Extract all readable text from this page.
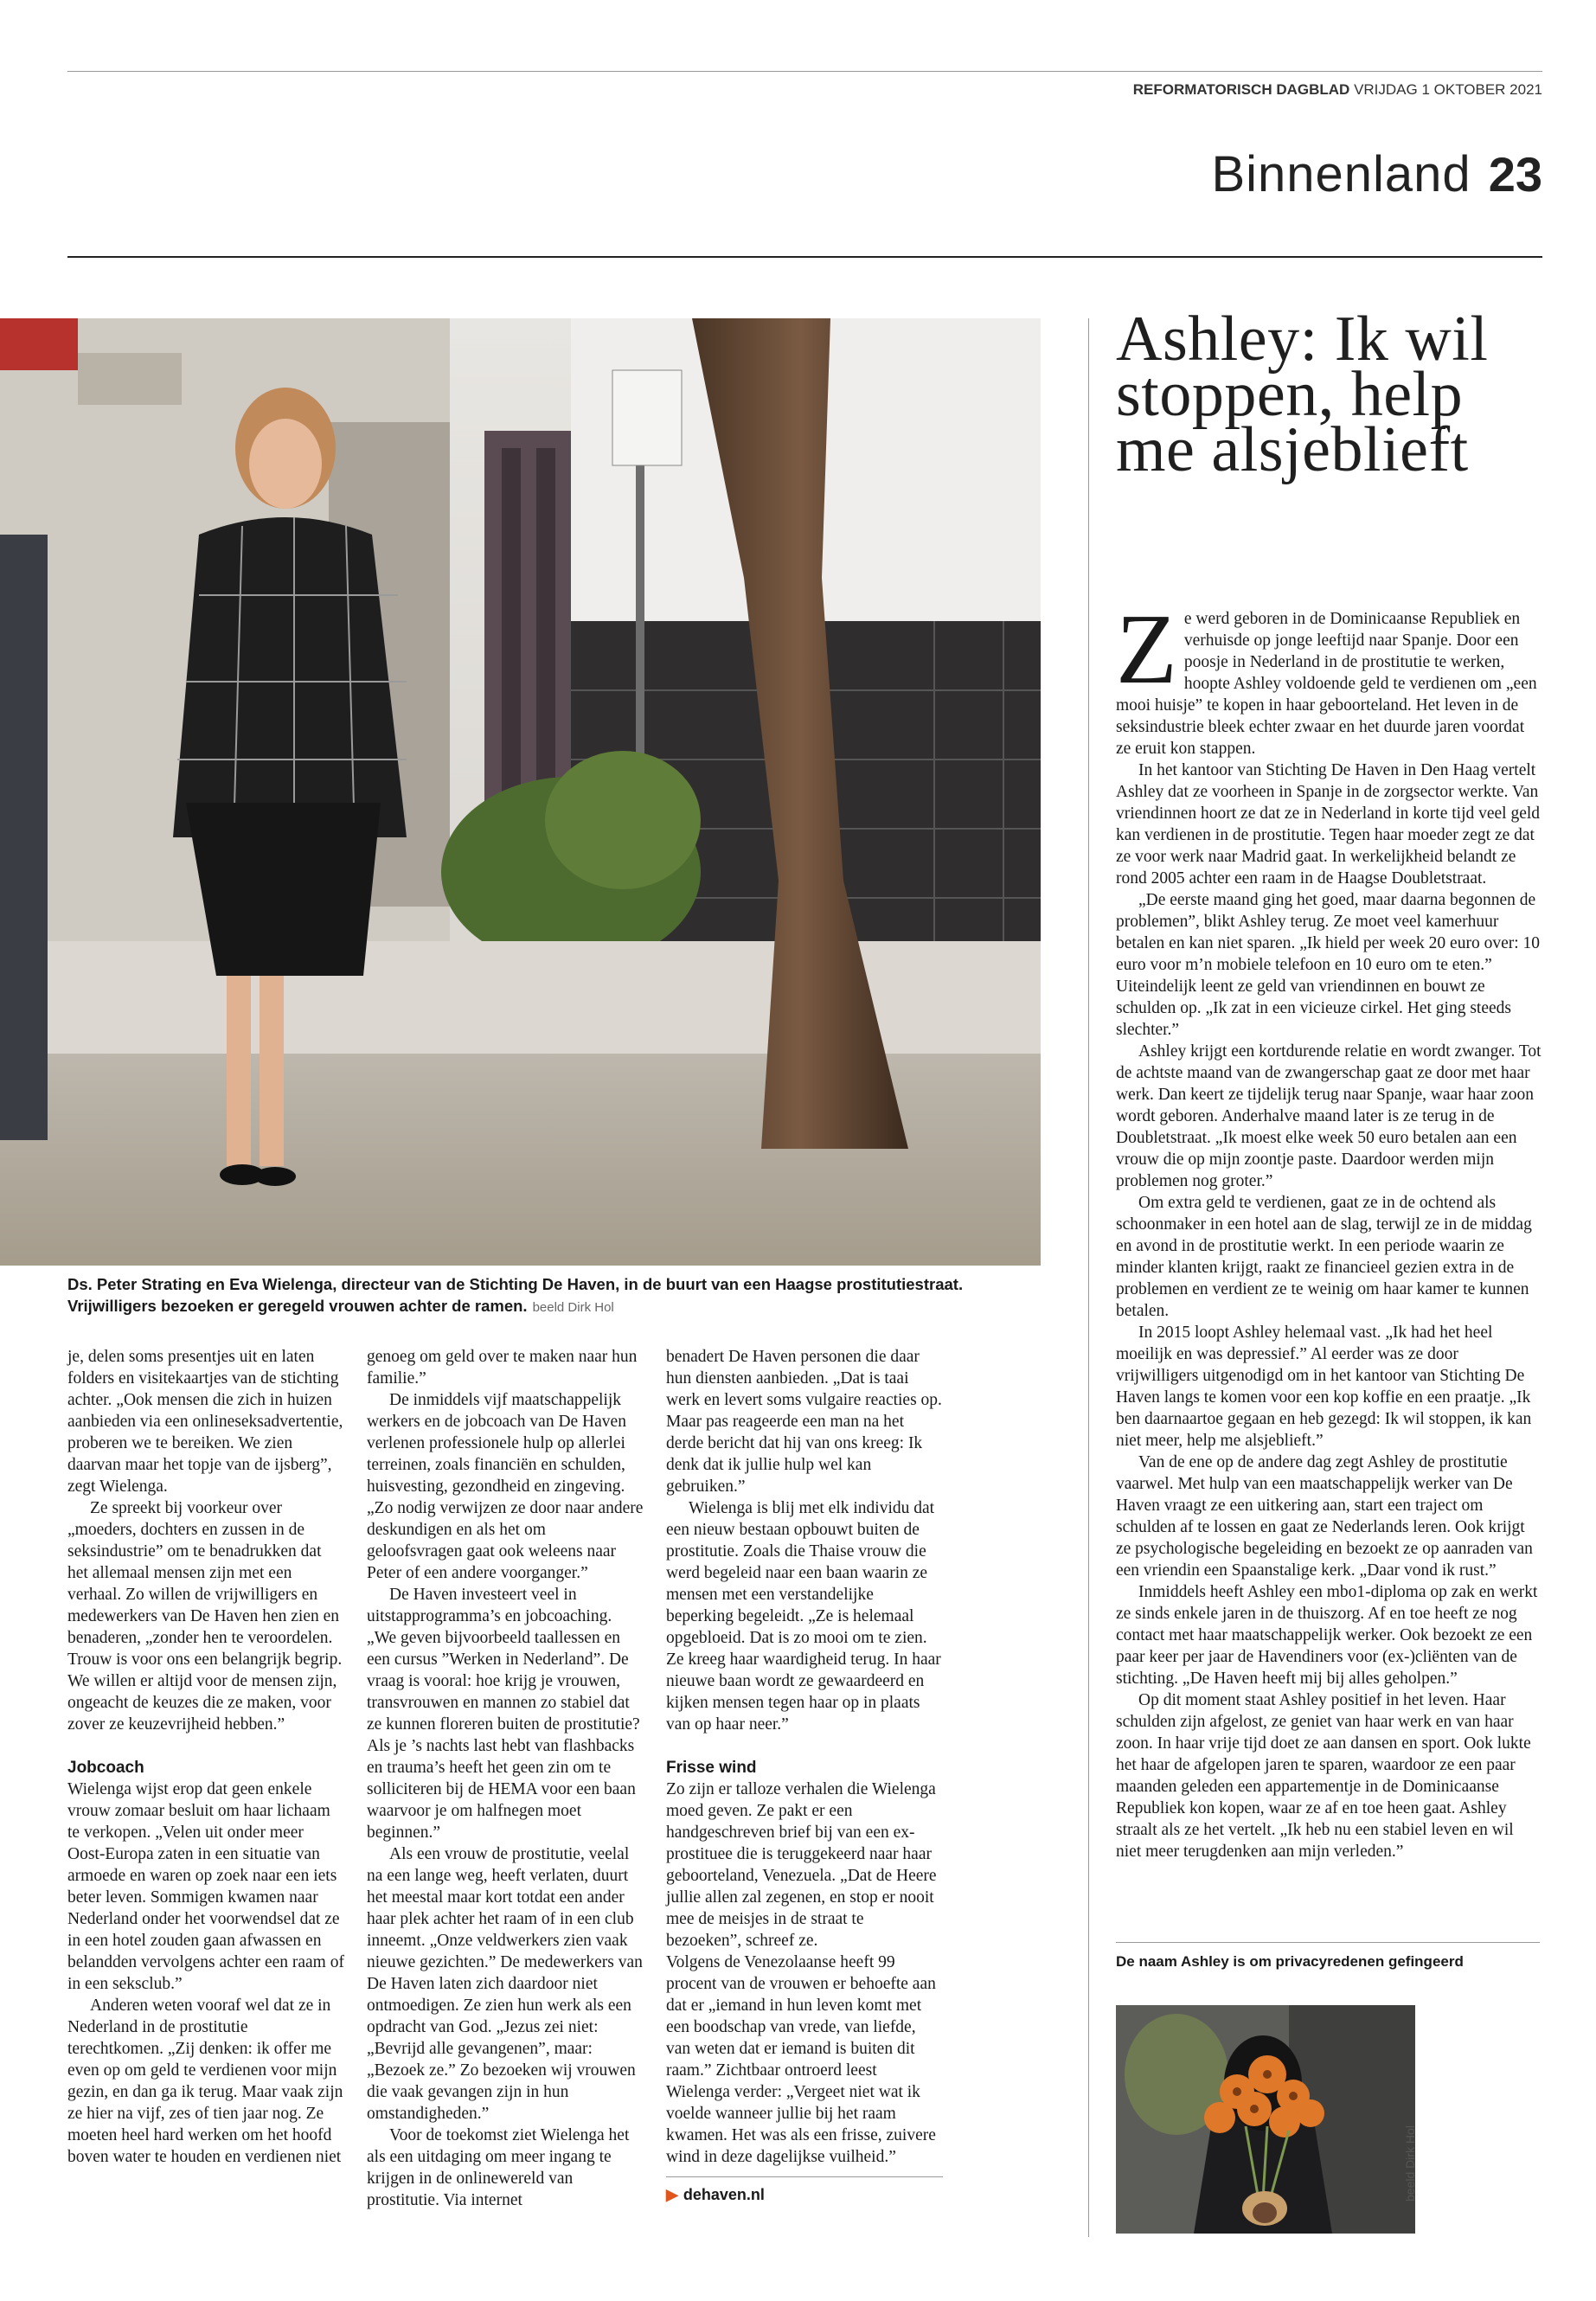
REFORMATORISCH DAGBLAD VRIJDAG 1 OKTOBER 2021
Binnenland 23
Ds. Peter Strating en Eva Wielenga, directeur van de Stichting De Haven, in de buurt van een Haagse prostitutiestraat. Vrijwilligers bezoeken er geregeld vrouwen achter de ramen. beeld Dirk Hol

je, delen soms presentjes uit en laten folders en visitekaartjes van de stichting achter. „Ook mensen die zich in huizen aanbieden via een onlineseksadvertentie, proberen we te bereiken. We zien daarvan maar het topje van de ijsberg”, zegt Wielenga.

Ze spreekt bij voorkeur over „moeders, dochters en zussen in de seksindustrie” om te benadrukken dat het allemaal mensen zijn met een verhaal. Zo willen de vrijwilligers en medewerkers van De Haven hen zien en benaderen, „zonder hen te veroordelen. Trouw is voor ons een belangrijk begrip. We willen er altijd voor de mensen zijn, ongeacht de keuzes die ze maken, voor zover ze keuzevrijheid hebben.”

Jobcoach

Wielenga wijst erop dat geen enkele vrouw zomaar besluit om haar lichaam te verkopen. „Velen uit onder meer Oost-Europa zaten in een situatie van armoede en waren op zoek naar een iets beter leven. Sommigen kwamen naar Nederland onder het voorwendsel dat ze in een hotel zouden gaan afwassen en belandden vervolgens achter een raam of in een seksclub.”

Anderen weten vooraf wel dat ze in Nederland in de prostitutie terechtkomen. „Zij denken: ik offer me even op om geld te verdienen voor mijn gezin, en dan ga ik terug. Maar vaak zijn ze hier na vijf, zes of tien jaar nog. Ze moeten heel hard werken om het hoofd boven water te houden en verdienen niet

genoeg om geld over te maken naar hun familie.”

De inmiddels vijf maatschappelijk werkers en de jobcoach van De Haven verlenen professionele hulp op allerlei terreinen, zoals financiën en schulden, huisvesting, gezondheid en zingeving. „Zo nodig verwijzen ze door naar andere deskundigen en als het om geloofsvragen gaat ook weleens naar Peter of een andere voorganger.”

De Haven investeert veel in uitstapprogramma’s en jobcoaching. „We geven bijvoorbeeld taallessen en een cursus ”Werken in Nederland”. De vraag is vooral: hoe krijg je vrouwen, transvrouwen en mannen zo stabiel dat ze kunnen floreren buiten de prostitutie? Als je ’s nachts last hebt van flashbacks en trauma’s heeft het geen zin om te solliciteren bij de HEMA voor een baan waarvoor je om halfnegen moet beginnen.”

Als een vrouw de prostitutie, veelal na een lange weg, heeft verlaten, duurt het meestal maar kort totdat een ander haar plek achter het raam of in een club inneemt. „Onze veldwerkers zien vaak nieuwe gezichten.” De medewerkers van De Haven laten zich daardoor niet ontmoedigen. Ze zien hun werk als een opdracht van God. „Jezus zei niet: „Bevrijd alle gevangenen”, maar: „Bezoek ze.” Zo bezoeken wij vrouwen die vaak gevangen zijn in hun omstandigheden.”

Voor de toekomst ziet Wielenga het als een uitdaging om meer ingang te krijgen in de onlinewereld van prostitutie. Via internet

benadert De Haven personen die daar hun diensten aanbieden. „Dat is taai werk en levert soms vulgaire reacties op. Maar pas reageerde een man na het derde bericht dat hij van ons kreeg: Ik denk dat ik jullie hulp wel kan gebruiken.”

Wielenga is blij met elk individu dat een nieuw bestaan opbouwt buiten de prostitutie. Zoals die Thaise vrouw die werd begeleid naar een baan waarin ze mensen met een verstandelijke beperking begeleidt. „Ze is helemaal opgebloeid. Dat is zo mooi om te zien. Ze kreeg haar waardigheid terug. In haar nieuwe baan wordt ze gewaardeerd en kijken mensen tegen haar op in plaats van op haar neer.”

Frisse wind

Zo zijn er talloze verhalen die Wielenga moed geven. Ze pakt er een handgeschreven brief bij van een ex-prostituee die is teruggekeerd naar haar geboorteland, Venezuela. „Dat de Heere jullie allen zal zegenen, en stop er nooit mee de meisjes in de straat te bezoeken”, schreef ze.

Volgens de Venezolaanse heeft 99 procent van de vrouwen er behoefte aan dat er „iemand in hun leven komt met een boodschap van vrede, van liefde, van weten dat er iemand is buiten dit raam.” Zichtbaar ontroerd leest Wielenga verder: „Vergeet niet wat ik voelde wanneer jullie bij het raam kwamen. Het was als een frisse, zuivere wind in deze dagelijkse vuilheid.”

▶ dehaven.nl
Ashley: Ik wil stoppen, help me alsjeblieft

Ze werd geboren in de Dominicaanse Republiek en verhuisde op jonge leeftijd naar Spanje. Door een poosje in Nederland in de prostitutie te werken, hoopte Ashley voldoende geld te verdienen om „een mooi huisje” te kopen in haar geboorteland. Het leven in de seksindustrie bleek echter zwaar en het duurde jaren voordat ze eruit kon stappen.

In het kantoor van Stichting De Haven in Den Haag vertelt Ashley dat ze voorheen in Spanje in de zorgsector werkte. Van vriendinnen hoort ze dat ze in Nederland in korte tijd veel geld kan verdienen in de prostitutie. Tegen haar moeder zegt ze dat ze voor werk naar Madrid gaat. In werkelijkheid belandt ze rond 2005 achter een raam in de Haagse Doubletstraat.

„De eerste maand ging het goed, maar daarna begonnen de problemen”, blikt Ashley terug. Ze moet veel kamerhuur betalen en kan niet sparen. „Ik hield per week 20 euro over: 10 euro voor m’n mobiele telefoon en 10 euro om te eten.” Uiteindelijk leent ze geld van vriendinnen en bouwt ze schulden op. „Ik zat in een vicieuze cirkel. Het ging steeds slechter.”

Ashley krijgt een kortdurende relatie en wordt zwanger. Tot de achtste maand van de zwangerschap gaat ze door met haar werk. Dan keert ze tijdelijk terug naar Spanje, waar haar zoon wordt geboren. Anderhalve maand later is ze terug in de Doubletstraat. „Ik moest elke week 50 euro betalen aan een vrouw die op mijn zoontje paste. Daardoor werden mijn problemen nog groter.”

Om extra geld te verdienen, gaat ze in de ochtend als schoonmaker in een hotel aan de slag, terwijl ze in de middag en avond in de prostitutie werkt. In een periode waarin ze minder klanten krijgt, raakt ze financieel gezien extra in de problemen en verdient ze te weinig om haar kamer te kunnen betalen.

In 2015 loopt Ashley helemaal vast. „Ik had het heel moeilijk en was depressief.” Al eerder was ze door vrijwilligers uitgenodigd om in het kantoor van Stichting De Haven langs te komen voor een kop koffie en een praatje. „Ik ben daarnaartoe gegaan en heb gezegd: Ik wil stoppen, ik kan niet meer, help me alsjeblieft.”

Van de ene op de andere dag zegt Ashley de prostitutie vaarwel. Met hulp van een maatschappelijk werker van De Haven vraagt ze een uitkering aan, start een traject om schulden af te lossen en gaat ze Nederlands leren. Ook krijgt ze psychologische begeleiding en bezoekt ze op aanraden van een vriendin een Spaanstalige kerk. „Daar vond ik rust.”

Inmiddels heeft Ashley een mbo1-diploma op zak en werkt ze sinds enkele jaren in de thuiszorg. Af en toe heeft ze nog contact met haar maatschappelijk werker. Ook bezoekt ze een paar keer per jaar de Havendiners voor (ex-)cliënten van de stichting. „De Haven heeft mij bij alles geholpen.”

Op dit moment staat Ashley positief in het leven. Haar schulden zijn afgelost, ze geniet van haar werk en van haar zoon. In haar vrije tijd doet ze aan dansen en sport. Ook lukte het haar de afgelopen jaren te sparen, waardoor ze een paar maanden geleden een appartementje in de Dominicaanse Republiek kon kopen, waar ze af en toe heen gaat. Ashley straalt als ze het vertelt. „Ik heb nu een stabiel leven en wil niet meer terugdenken aan mijn verleden.”

De naam Ashley is om privacyredenen gefingeerd
beeld Dirk Hol
